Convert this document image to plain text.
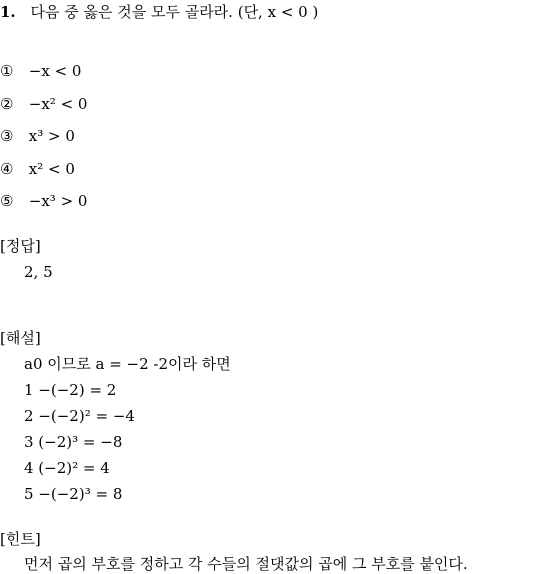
1. 다음 중 옳은 것을 모두 골라라. (단, x < 0 )
① −x < 0
② −x² < 0
③ x³ > 0
④ x² < 0
⑤ −x³ > 0
[정답]
2, 5
[해설]
a0 이므로 a = −2 -2이라 하면
1 −(−2) = 2
2 −(−2)² = −4
3 (−2)³ = −8
4 (−2)² = 4
5 −(−2)³ = 8
[힌트]
먼저 곱의 부호를 정하고 각 수들의 절댓값의 곱에 그 부호를 붙인다.
